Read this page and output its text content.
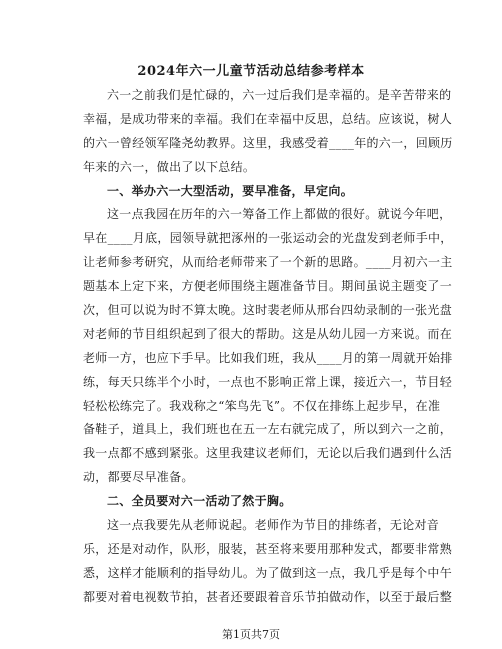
2024年六一儿童节活动总结参考样本
六一之前我们是忙碌的，六一过后我们是幸福的。是辛苦带来的
幸福，是成功带来的幸福。我们在幸福中反思，总结。应该说，树人
的六一曾经领军隆尧幼教界。这里，我感受着____年的六一，回顾历
年来的六一，做出了以下总结。
一、举办六一大型活动，要早准备，早定向。
这一点我园在历年的六一筹备工作上都做的很好。就说今年吧，
早在____月底，园领导就把涿州的一张运动会的光盘发到老师手中，
让老师参考研究，从而给老师带来了一个新的思路。____月初六一主
题基本上定下来，方便老师围绕主题准备节目。期间虽说主题变了一
次，但可以说为时不算太晚。这时裴老师从邢台四幼录制的一张光盘
对老师的节目组织起到了很大的帮助。这是从幼儿园一方来说。而在
老师一方，也应下手早。比如我们班，我从____月的第一周就开始排
练，每天只练半个小时，一点也不影响正常上课，接近六一，节目轻
轻松松练完了。我戏称之“笨鸟先飞”。不仅在排练上起步早，在准
备鞋子，道具上，我们班也在五一左右就完成了，所以到六一之前，
我一点都不感到紧张。这里我建议老师们，无论以后我们遇到什么活
动，都要尽早准备。
二、全员要对六一活动了然于胸。
这一点我要先从老师说起。老师作为节目的排练者，无论对音
乐，还是对动作，队形，服装，甚至将来要用那种发式，都要非常熟
悉，这样才能顺利的指导幼儿。为了做到这一点，我几乎是每个中午
都要对着电视数节拍，甚者还要跟着音乐节拍做动作，以至于最后整
第1页共7页
